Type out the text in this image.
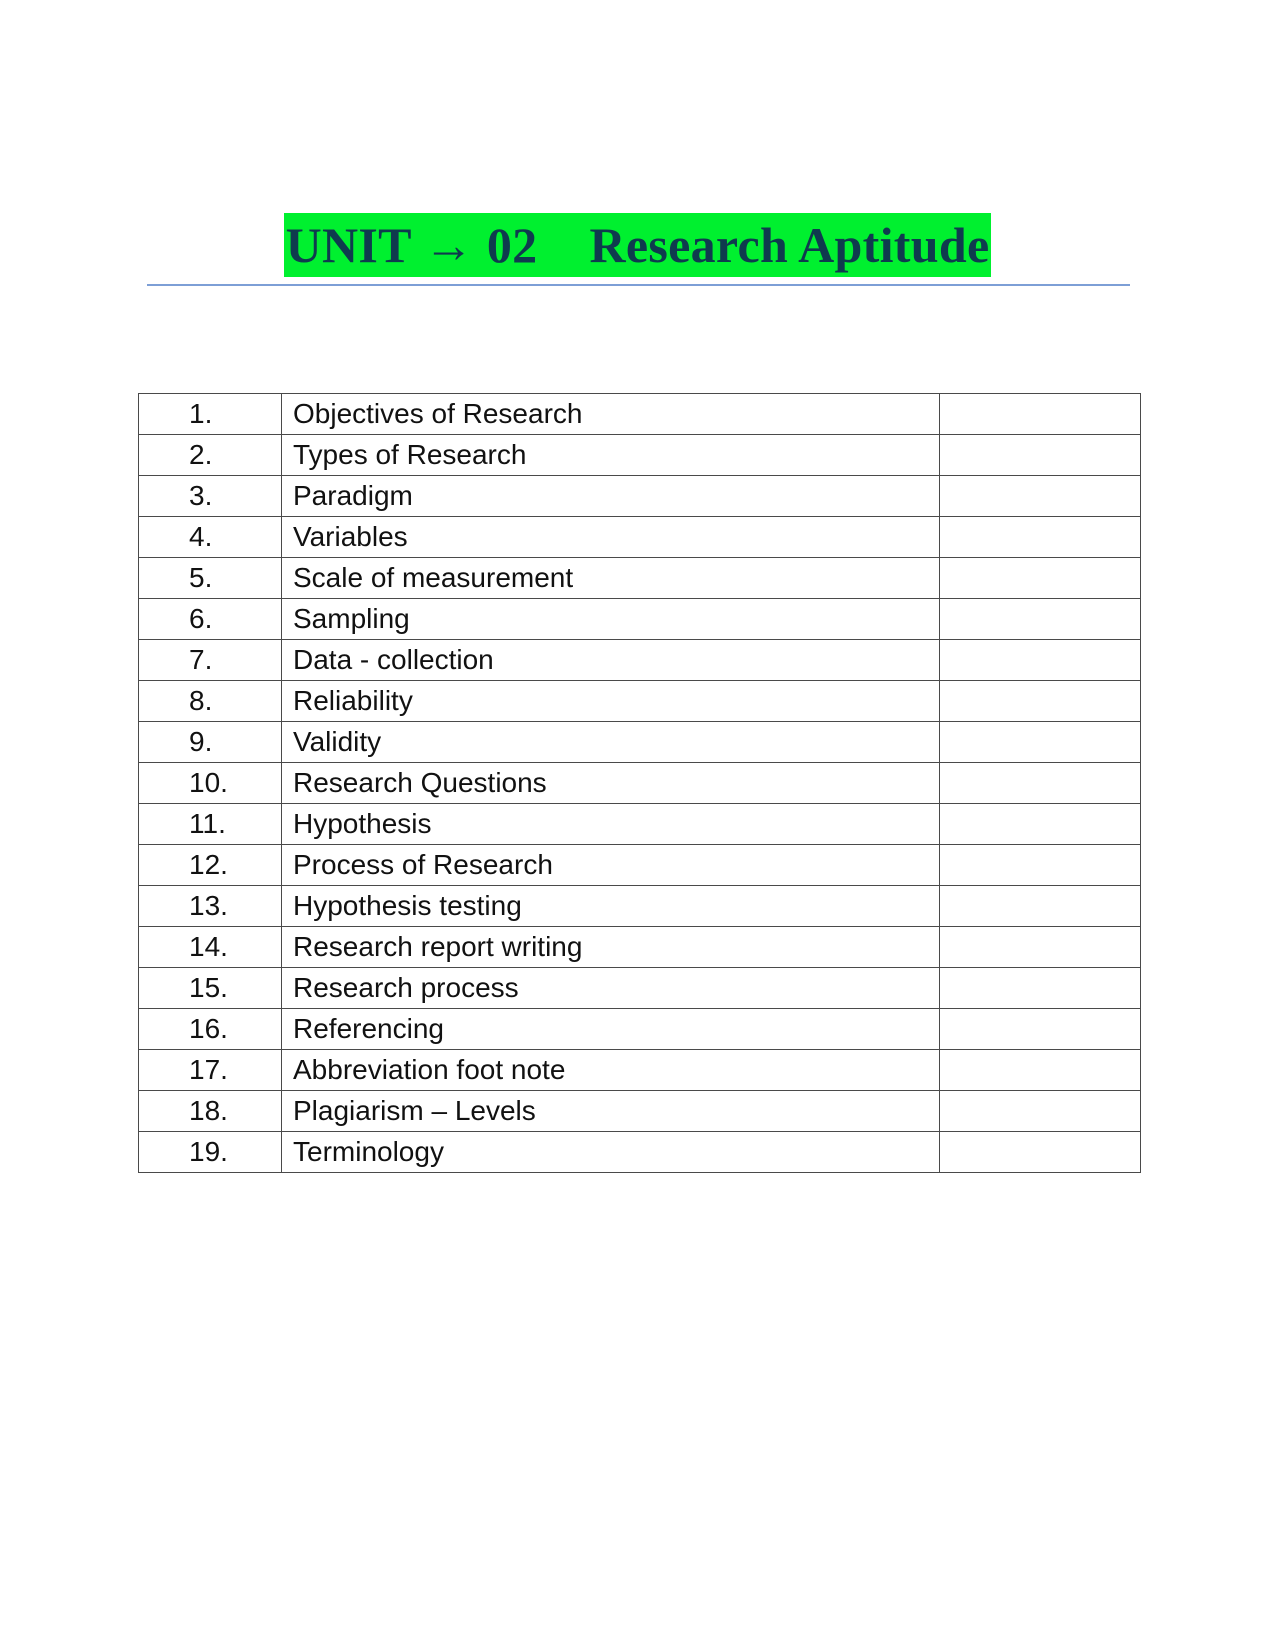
UNIT → 02 Research Aptitude
1.	Objectives of Research	
2.	Types of Research	
3.	Paradigm	
4.	Variables	
5.	Scale of measurement	
6.	Sampling	
7.	Data - collection	
8.	Reliability	
9.	Validity	
10.	Research Questions	
11.	Hypothesis	
12.	Process of Research	
13.	Hypothesis testing	
14.	Research report writing	
15.	Research process	
16.	Referencing	
17.	Abbreviation foot note	
18.	Plagiarism – Levels	
19.	Terminology	
